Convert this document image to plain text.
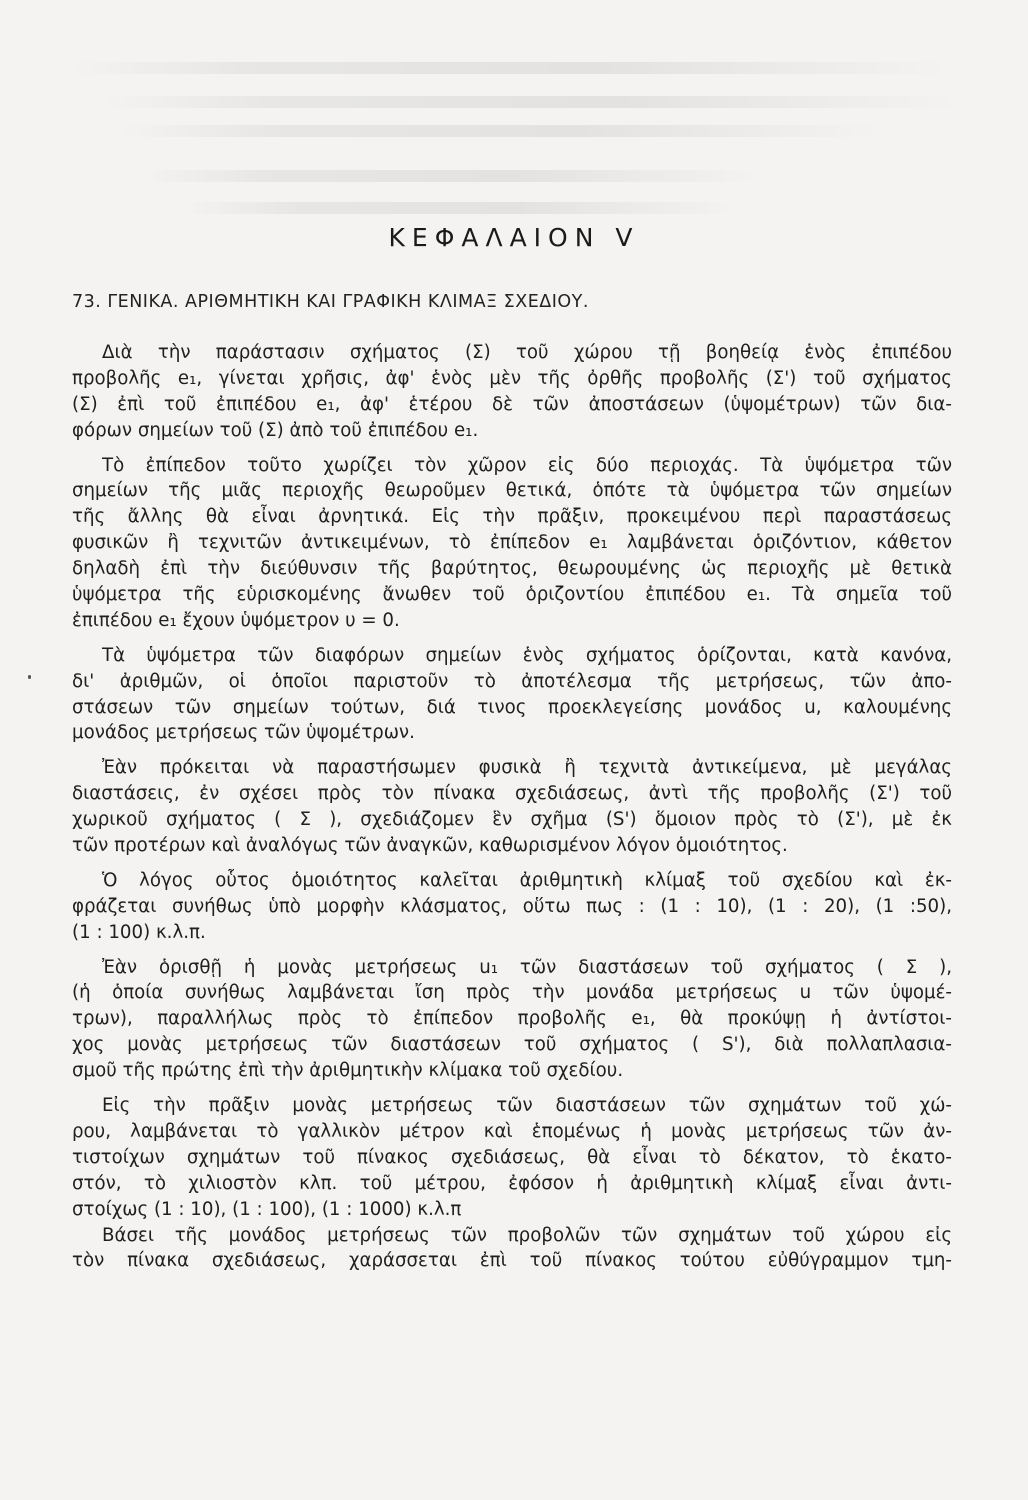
ΚΕΦΑΛΑΙΟΝ V
73. ΓΕΝΙΚΑ. ΑΡΙΘΜΗΤΙΚΗ ΚΑΙ ΓΡΑΦΙΚΗ ΚΛΙΜΑΞ ΣΧΕΔΙΟΥ.
Διὰ τὴν παράστασιν σχήματος (Σ) τοῦ χώρου τῇ βοηθείᾳ ἑνὸς ἐπιπέδου
προβολῆς e₁, γίνεται χρῆσις, ἀφ' ἑνὸς μὲν τῆς ὀρθῆς προβολῆς (Σ') τοῦ σχήματος
(Σ) ἐπὶ τοῦ ἐπιπέδου e₁, ἀφ' ἑτέρου δὲ τῶν ἀποστάσεων (ὑψομέτρων) τῶν δια-
φόρων σημείων τοῦ (Σ) ἀπὸ τοῦ ἐπιπέδου e₁.
Τὸ ἐπίπεδον τοῦτο χωρίζει τὸν χῶρον εἰς δύο περιοχάς. Τὰ ὑψόμετρα τῶν
σημείων τῆς μιᾶς περιοχῆς θεωροῦμεν θετικά, ὁπότε τὰ ὑψόμετρα τῶν σημείων
τῆς ἄλλης θὰ εἶναι ἀρνητικά. Εἰς τὴν πρᾶξιν, προκειμένου περὶ παραστάσεως
φυσικῶν ἢ τεχνιτῶν ἀντικειμένων, τὸ ἐπίπεδον e₁ λαμβάνεται ὁριζόντιον, κάθετον
δηλαδὴ ἐπὶ τὴν διεύθυνσιν τῆς βαρύτητος, θεωρουμένης ὡς περιοχῆς μὲ θετικὰ
ὑψόμετρα τῆς εὑρισκομένης ἄνωθεν τοῦ ὁριζοντίου ἐπιπέδου e₁. Τὰ σημεῖα τοῦ
ἐπιπέδου e₁ ἔχουν ὑψόμετρον υ = 0.
Τὰ ὑψόμετρα τῶν διαφόρων σημείων ἑνὸς σχήματος ὁρίζονται, κατὰ κανόνα,
δι' ἀριθμῶν, οἱ ὁποῖοι παριστοῦν τὸ ἀποτέλεσμα τῆς μετρήσεως, τῶν ἀπο-
στάσεων τῶν σημείων τούτων, διά τινος προεκλεγείσης μονάδος u, καλουμένης
μονάδος μετρήσεως τῶν ὑψομέτρων.
Ἐὰν πρόκειται νὰ παραστήσωμεν φυσικὰ ἢ τεχνιτὰ ἀντικείμενα, μὲ μεγάλας
διαστάσεις, ἐν σχέσει πρὸς τὸν πίνακα σχεδιάσεως, ἀντὶ τῆς προβολῆς (Σ') τοῦ
χωρικοῦ σχήματος ( Σ ), σχεδιάζομεν ἓν σχῆμα (S') ὅμοιον πρὸς τὸ (Σ'), μὲ ἐκ
τῶν προτέρων καὶ ἀναλόγως τῶν ἀναγκῶν, καθωρισμένον λόγον ὁμοιότητος.
Ὁ λόγος οὗτος ὁμοιότητος καλεῖται ἀριθμητικὴ κλίμαξ τοῦ σχεδίου καὶ ἐκ-
φράζεται συνήθως ὑπὸ μορφὴν κλάσματος, οὕτω πως : (1 : 10), (1 : 20), (1 :50),
(1 : 100) κ.λ.π.
Ἐὰν ὁρισθῇ ἡ μονὰς μετρήσεως u₁ τῶν διαστάσεων τοῦ σχήματος ( Σ ),
(ἡ ὁποία συνήθως λαμβάνεται ἴση πρὸς τὴν μονάδα μετρήσεως u τῶν ὑψομέ-
τρων), παραλλήλως πρὸς τὸ ἐπίπεδον προβολῆς e₁, θὰ προκύψῃ ἡ ἀντίστοι-
χος μονὰς μετρήσεως τῶν διαστάσεων τοῦ σχήματος ( S'), διὰ πολλαπλασια-
σμοῦ τῆς πρώτης ἐπὶ τὴν ἀριθμητικὴν κλίμακα τοῦ σχεδίου.
Εἰς τὴν πρᾶξιν μονὰς μετρήσεως τῶν διαστάσεων τῶν σχημάτων τοῦ χώ-
ρου, λαμβάνεται τὸ γαλλικὸν μέτρον καὶ ἑπομένως ἡ μονὰς μετρήσεως τῶν ἀν-
τιστοίχων σχημάτων τοῦ πίνακος σχεδιάσεως, θὰ εἶναι τὸ δέκατον, τὸ ἑκατο-
στόν, τὸ χιλιοστὸν κλπ. τοῦ μέτρου, ἐφόσον ἡ ἀριθμητικὴ κλίμαξ εἶναι ἀντι-
στοίχως (1 : 10), (1 : 100), (1 : 1000) κ.λ.π
Βάσει τῆς μονάδος μετρήσεως τῶν προβολῶν τῶν σχημάτων τοῦ χώρου εἰς
τὸν πίνακα σχεδιάσεως, χαράσσεται ἐπὶ τοῦ πίνακος τούτου εὐθύγραμμον τμη-
